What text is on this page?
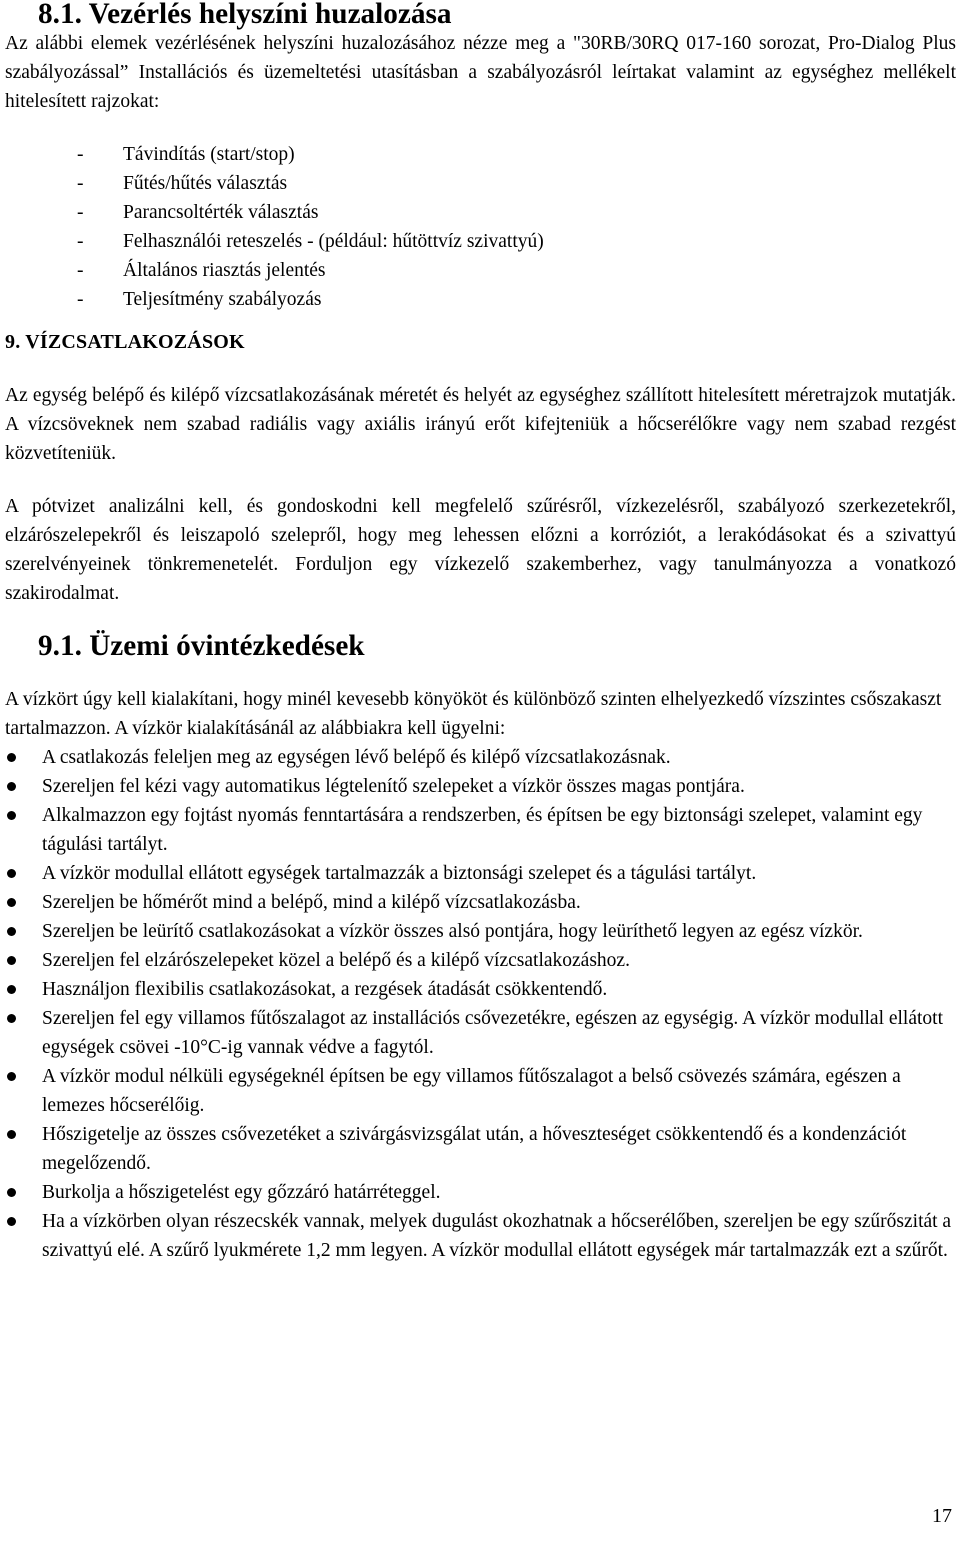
8.1. Vezérlés helyszíni huzalozása

Az alábbi elemek vezérlésének helyszíni huzalozásához nézze meg a "30RB/30RQ 017-160 sorozat, Pro-Dialog Plus szabályozással” Installációs és üzemeltetési utasításban a szabályozásról leírtakat valamint az egységhez mellékelt hitelesített rajzokat:

- Távindítás (start/stop)
- Fűtés/hűtés választás
- Parancsoltérték választás
- Felhasználói reteszelés - (például: hűtöttvíz szivattyú)
- Általános riasztás jelentés
- Teljesítmény szabályozás
9. VÍZCSATLAKOZÁSOK

Az egység belépő és kilépő vízcsatlakozásának méretét és helyét az egységhez szállított hitelesített méretrajzok mutatják. A vízcsöveknek nem szabad radiális vagy axiális irányú erőt kifejteniük a hőcserélőkre vagy nem szabad rezgést közvetíteniük.

A pótvizet analizálni kell, és gondoskodni kell megfelelő szűrésről, vízkezelésről, szabályozó szerkezetekről, elzárószelepekről és leiszapoló szelepről, hogy meg lehessen előzni a korróziót, a lerakódásokat és a szivattyú szerelvényeinek tönkremenetelét. Forduljon egy vízkezelő szakemberhez, vagy tanulmányozza a vonatkozó szakirodalmat.

9.1. Üzemi óvintézkedések

A vízkört úgy kell kialakítani, hogy minél kevesebb könyököt és különböző szinten elhelyezkedő vízszintes csőszakaszt tartalmazzon. A vízkör kialakításánál az alábbiakra kell ügyelni:

A csatlakozás feleljen meg az egységen lévő belépő és kilépő vízcsatlakozásnak.
Szereljen fel kézi vagy automatikus légtelenítő szelepeket a vízkör összes magas pontjára.
Alkalmazzon egy fojtást nyomás fenntartására a rendszerben, és építsen be egy biztonsági szelepet, valamint egy tágulási tartályt.
A vízkör modullal ellátott egységek tartalmazzák a biztonsági szelepet és a tágulási tartályt.
Szereljen be hőmérőt mind a belépő, mind a kilépő vízcsatlakozásba.
Szereljen be leürítő csatlakozásokat a vízkör összes alsó pontjára, hogy leüríthető legyen az egész vízkör.
Szereljen fel elzárószelepeket közel a belépő és a kilépő vízcsatlakozáshoz.
Használjon flexibilis csatlakozásokat, a rezgések átadását csökkentendő.
Szereljen fel egy villamos fűtőszalagot az installációs csővezetékre, egészen az egységig. A vízkör modullal ellátott egységek csövei -10°C-ig vannak védve a fagytól.
A vízkör modul nélküli egységeknél építsen be egy villamos fűtőszalagot a belső csövezés számára, egészen a lemezes hőcserélőig.
Hőszigetelje az összes csővezetéket a szivárgásvizsgálat után, a hőveszteséget csökkentendő és a kondenzációt megelőzendő.
Burkolja a hőszigetelést egy gőzzáró határréteggel.
Ha a vízkörben olyan részecskék vannak, melyek dugulást okozhatnak a hőcserélőben, szereljen be egy szűrőszitát a szivattyú elé. A szűrő lyukmérete 1,2 mm legyen. A vízkör modullal ellátott egységek már tartalmazzák ezt a szűrőt.
17
